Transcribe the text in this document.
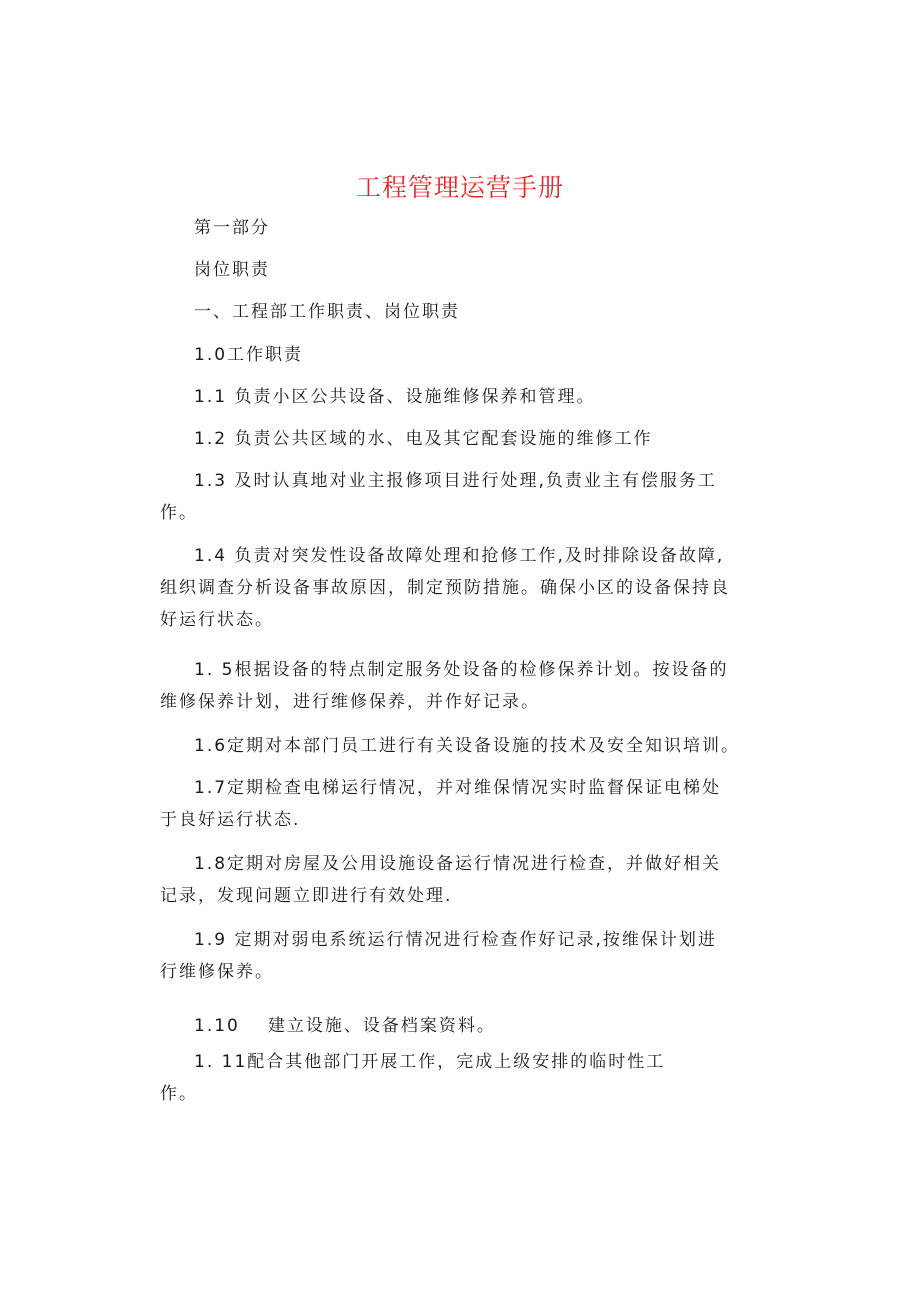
工程管理运营手册
第一部分
岗位职责
一、工程部工作职责、岗位职责
1.0工作职责
1.1 负责小区公共设备、设施维修保养和管理。
1.2 负责公共区域的水、电及其它配套设施的维修工作
1.3 及时认真地对业主报修项目进行处理,负责业主有偿服务工
作。
1.4 负责对突发性设备故障处理和抢修工作,及时排除设备故障,
组织调查分析设备事故原因，制定预防措施。确保小区的设备保持良
好运行状态。
1. 5根据设备的特点制定服务处设备的检修保养计划。按设备的
维修保养计划，进行维修保养，并作好记录。
1.6定期对本部门员工进行有关设备设施的技术及安全知识培训。
1.7定期检查电梯运行情况，并对维保情况实时监督保证电梯处
于良好运行状态.
1.8定期对房屋及公用设施设备运行情况进行检查，并做好相关
记录，发现问题立即进行有效处理.
1.9 定期对弱电系统运行情况进行检查作好记录,按维保计划进
行维修保养。
1.10 建立设施、设备档案资料。
1. 11配合其他部门开展工作，完成上级安排的临时性工
作。
